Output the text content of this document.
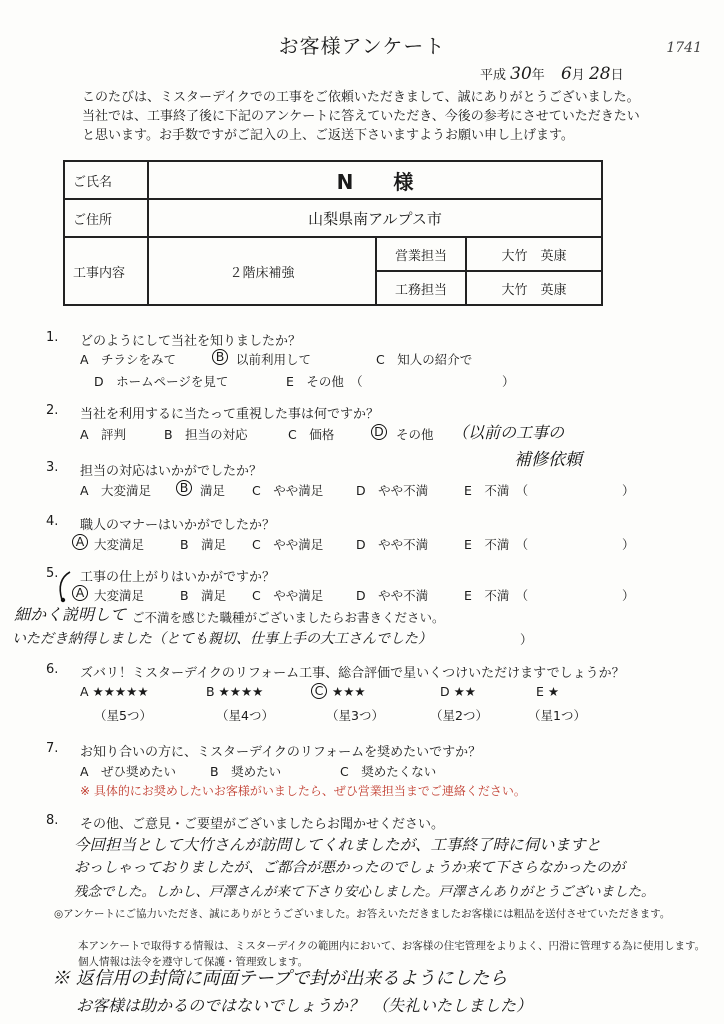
お客様アンケート	1741
平成 30年 6月 28日

このたびは、ミスターデイクでの工事をご依頼いただきまして、誠にありがとうございました。

当社では、工事終了後に下記のアンケートに答えていただき、今後の参考にさせていただきたい

と思います。お手数ですがご記入の上、ご返送下さいますようお願い申し上げます。

ご氏名	N　　様		
ご住所	山梨県南アルプス市		
工事内容	２階床補強	営業担当	大竹　英康
		工務担当	大竹　英康
1. どのようにして当社を知りましたか？
A　チラシをみて	B 以前利用して	C　知人の紹介で
D　ホームページを見て	E　その他　（	）
2. 当社を利用するに当たって重視した事は何ですか？
A　評判	B　担当の対応	C　価格	D その他 （以前の工事の
補修依頼
3. 担当の対応はいかがでしたか？
A　大変満足 B 満足 C　やや満足	D　やや不満	E　不満　（	）
4. 職人のマナーはいかがでしたか？
A 大変満足	B　満足 C　やや満足	D　やや不満	E　不満　（	）
5. 工事の仕上がりはいかがですか？
A 大変満足	B　満足 C　やや満足	D　やや不満	E　不満　（	）
細かく説明して ご不満を感じた職種がございましたらお書きください。
いただき納得しました（とても親切、仕事上手の大工さんでした）	）
6. ズバリ！ミスターデイクのリフォーム工事、総合評価で星いくつけいただけますでしょうか？
A ★★★★★	B ★★★★	C ★★★	D ★★	E ★
（星5つ）	（星4つ）	（星3つ）	（星2つ）	（星1つ）
7. お知り合いの方に、ミスターデイクのリフォームを奨めたいですか？
A　ぜひ奨めたい	B　奨めたい	C　奨めたくない
※ 具体的にお奨めしたいお客様がいましたら、ぜひ営業担当までご連絡ください。
8. その他、ご意見・ご要望がございましたらお聞かせください。
今回担当として大竹さんが訪問してくれましたが、工事終了時に伺いますと
おっしゃっておりましたが、ご都合が悪かったのでしょうか来て下さらなかったのが
残念でした。しかし、戸澤さんが来て下さり安心しました。戸澤さんありがとうございました。
◎アンケートにご協力いただき、誠にありがとうございました。お答えいただきましたお客様には粗品を送付させていただきます。
本アンケートで取得する情報は、ミスターデイクの範囲内において、お客様の住宅管理をよりよく、円滑に管理する為に使用します。
個人情報は法令を遵守して保護・管理致します。
※ 返信用の封筒に両面テープで封が出来るようにしたら
お客様は助かるのではないでしょうか？　（失礼いたしました）
